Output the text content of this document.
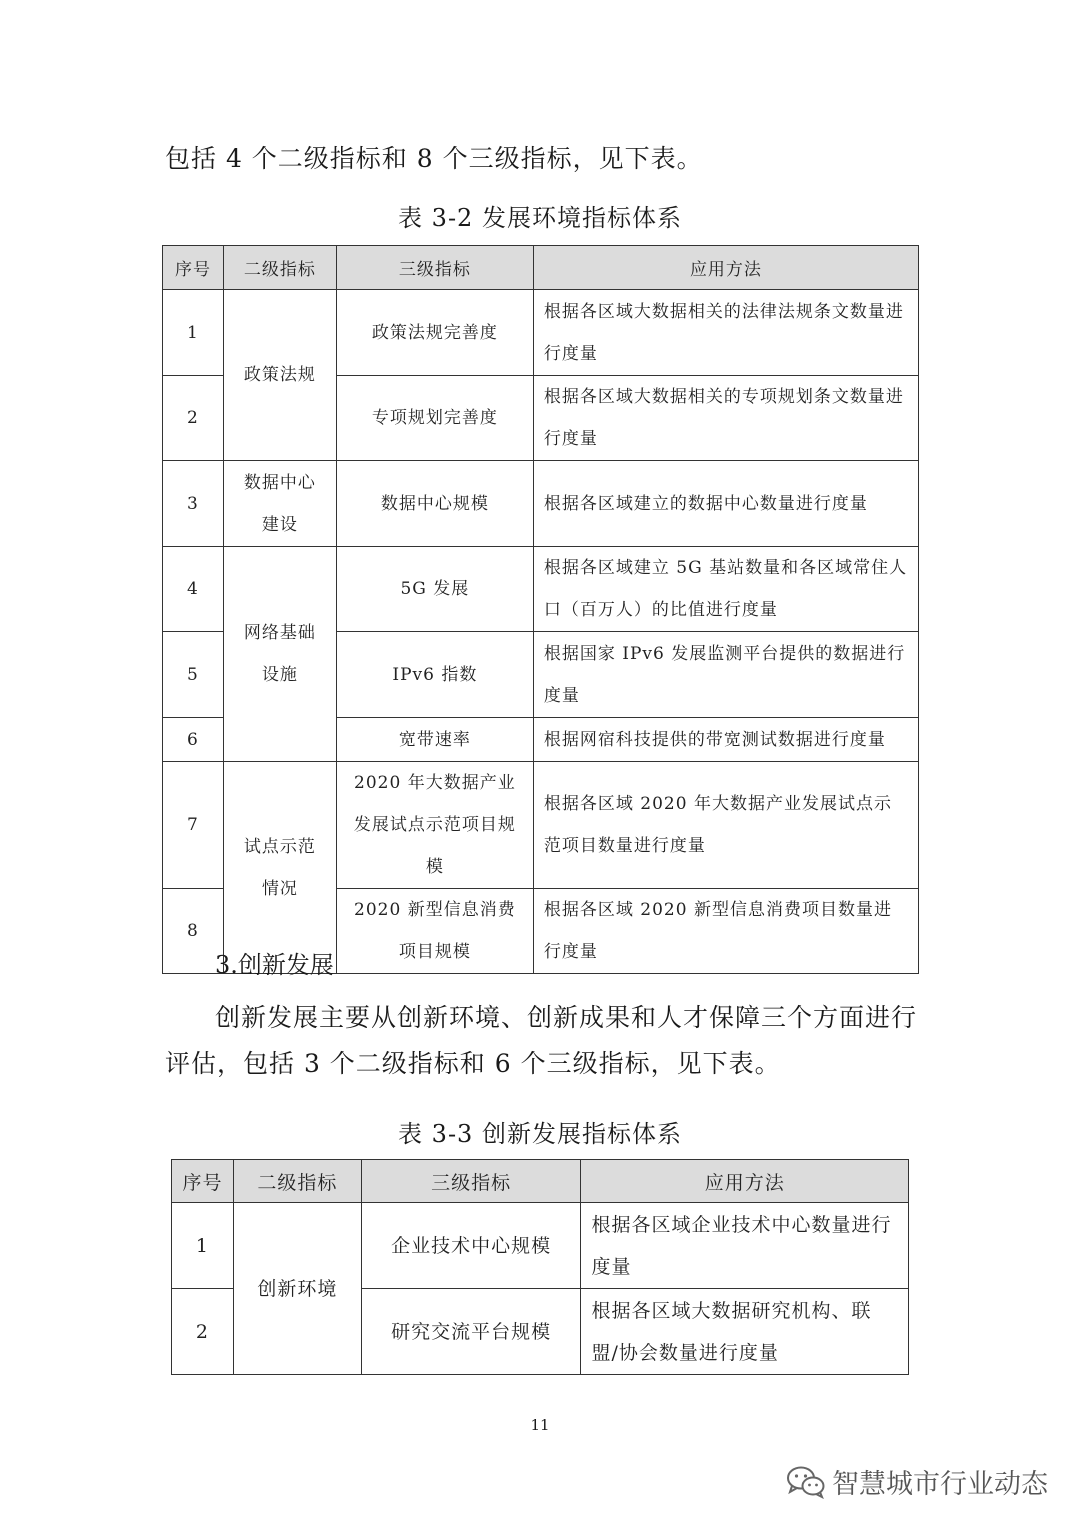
包括 4 个二级指标和 8 个三级指标，见下表。

表 3-2 发展环境指标体系

序号	二级指标	三级指标	应用方法
1	政策法规	政策法规完善度	根据各区域大数据相关的法律法规条文数量进行度量
2		专项规划完善度	根据各区域大数据相关的专项规划条文数量进行度量
3	数据中心建设	数据中心规模	根据各区域建立的数据中心数量进行度量
4	网络基础设施	5G 发展	根据各区域建立 5G 基站数量和各区域常住人口（百万人）的比值进行度量
5		IPv6 指数	根据国家 IPv6 发展监测平台提供的数据进行度量
6		宽带速率	根据网宿科技提供的带宽测试数据进行度量
7	试点示范情况	2020 年大数据产业发展试点示范项目规模	根据各区域 2020 年大数据产业发展试点示范项目数量进行度量
8		2020 新型信息消费项目规模	根据各区域 2020 新型信息消费项目数量进行度量

3.创新发展

创新发展主要从创新环境、创新成果和人才保障三个方面进行评估，包括 3 个二级指标和 6 个三级指标，见下表。

表 3-3 创新发展指标体系

序号	二级指标	三级指标	应用方法
1	创新环境	企业技术中心规模	根据各区域企业技术中心数量进行度量
2		研究交流平台规模	根据各区域大数据研究机构、联盟/协会数量进行度量

11

智慧城市行业动态
